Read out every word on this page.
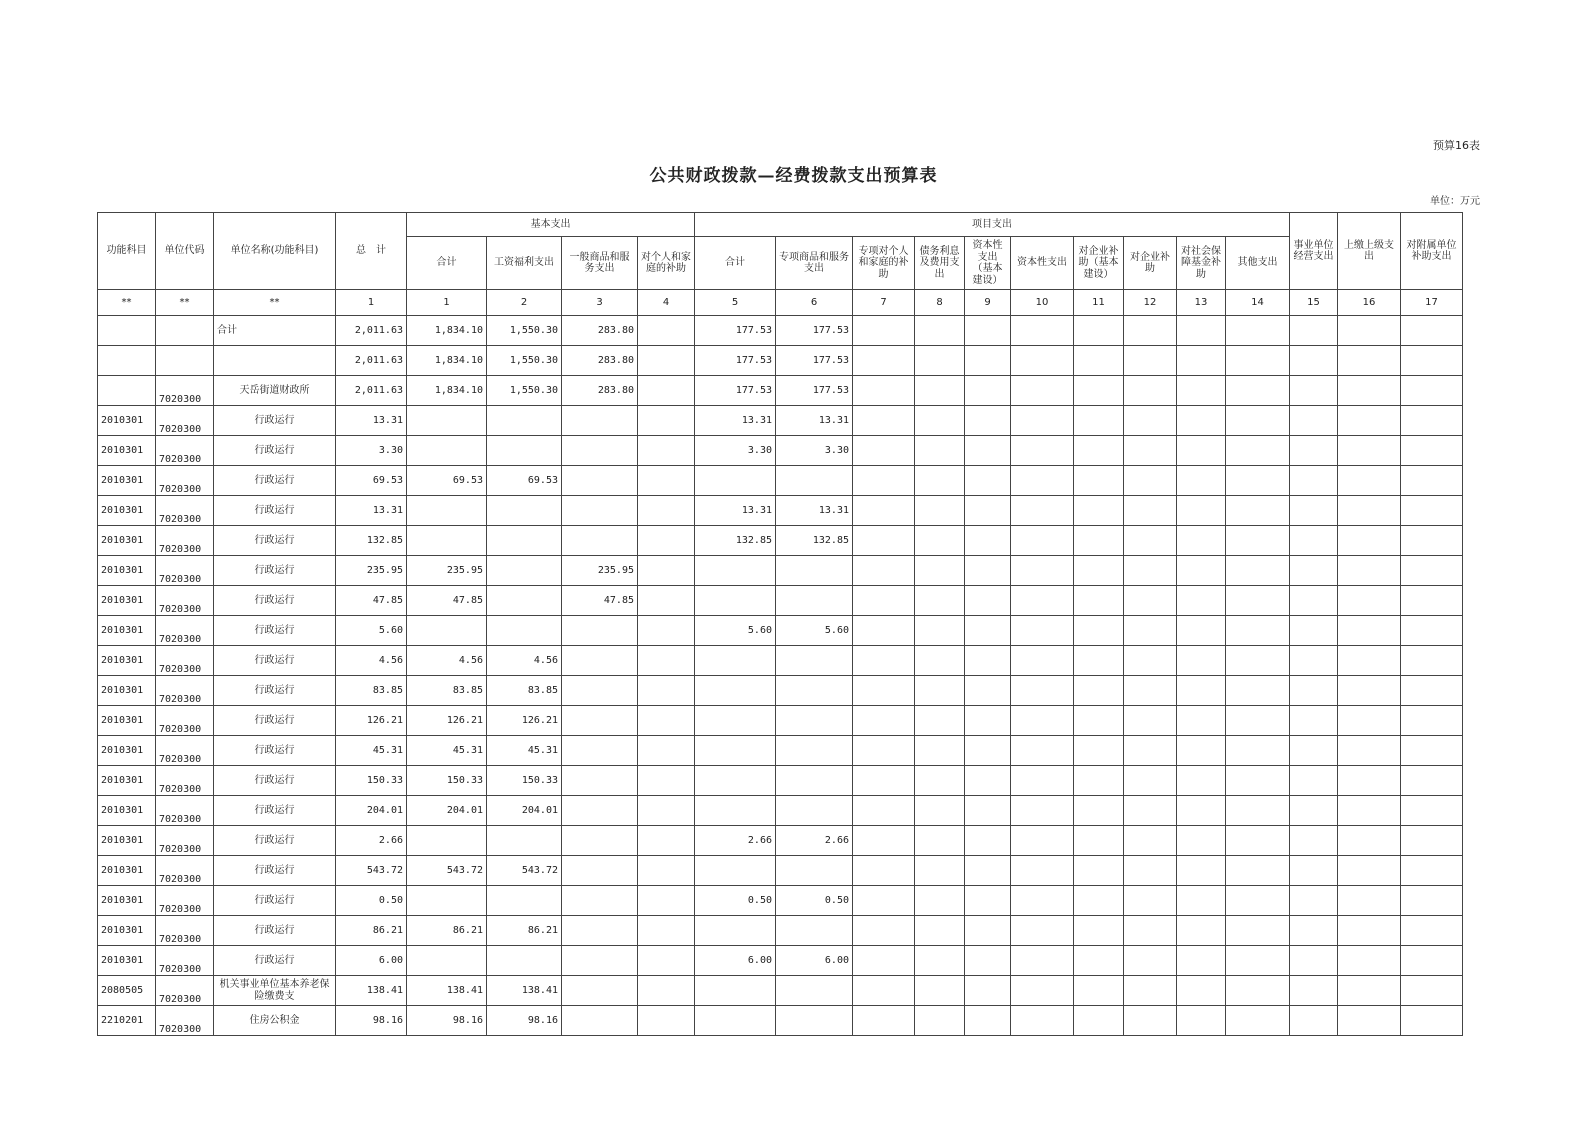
预算16表
公共财政拨款—经费拨款支出预算表
单位：万元
功能科目	单位代码	单位名称(功能科目)	总　计	基本支出				项目支出										事业单位经营支出	上缴上级支出	对附属单位补助支出
				合计	工资福利支出	一般商品和服务支出	对个人和家庭的补助	合计	专项商品和服务支出	专项对个人和家庭的补助	债务利息及费用支出	资本性支出（基本建设）	资本性支出	对企业补助（基本建设）	对企业补助	对社会保障基金补助	其他支出			
**	**	**	1	1	2	3	4	5	6	7	8	9	10	11	12	13	14	15	16	17
		合计	2,011.63	1,834.10	1,550.30	283.80		177.53	177.53											
			2,011.63	1,834.10	1,550.30	283.80		177.53	177.53											
	7020300	天岳街道财政所	2,011.63	1,834.10	1,550.30	283.80		177.53	177.53											
2010301	7020300	行政运行	13.31					13.31	13.31											
2010301	7020300	行政运行	3.30					3.30	3.30											
2010301	7020300	行政运行	69.53	69.53	69.53															
2010301	7020300	行政运行	13.31					13.31	13.31											
2010301	7020300	行政运行	132.85					132.85	132.85											
2010301	7020300	行政运行	235.95	235.95		235.95														
2010301	7020300	行政运行	47.85	47.85		47.85														
2010301	7020300	行政运行	5.60					5.60	5.60											
2010301	7020300	行政运行	4.56	4.56	4.56															
2010301	7020300	行政运行	83.85	83.85	83.85															
2010301	7020300	行政运行	126.21	126.21	126.21															
2010301	7020300	行政运行	45.31	45.31	45.31															
2010301	7020300	行政运行	150.33	150.33	150.33															
2010301	7020300	行政运行	204.01	204.01	204.01															
2010301	7020300	行政运行	2.66					2.66	2.66											
2010301	7020300	行政运行	543.72	543.72	543.72															
2010301	7020300	行政运行	0.50					0.50	0.50											
2010301	7020300	行政运行	86.21	86.21	86.21															
2010301	7020300	行政运行	6.00					6.00	6.00											
2080505	7020300	机关事业单位基本养老保险缴费支	138.41	138.41	138.41															
2210201	7020300	住房公积金	98.16	98.16	98.16															
